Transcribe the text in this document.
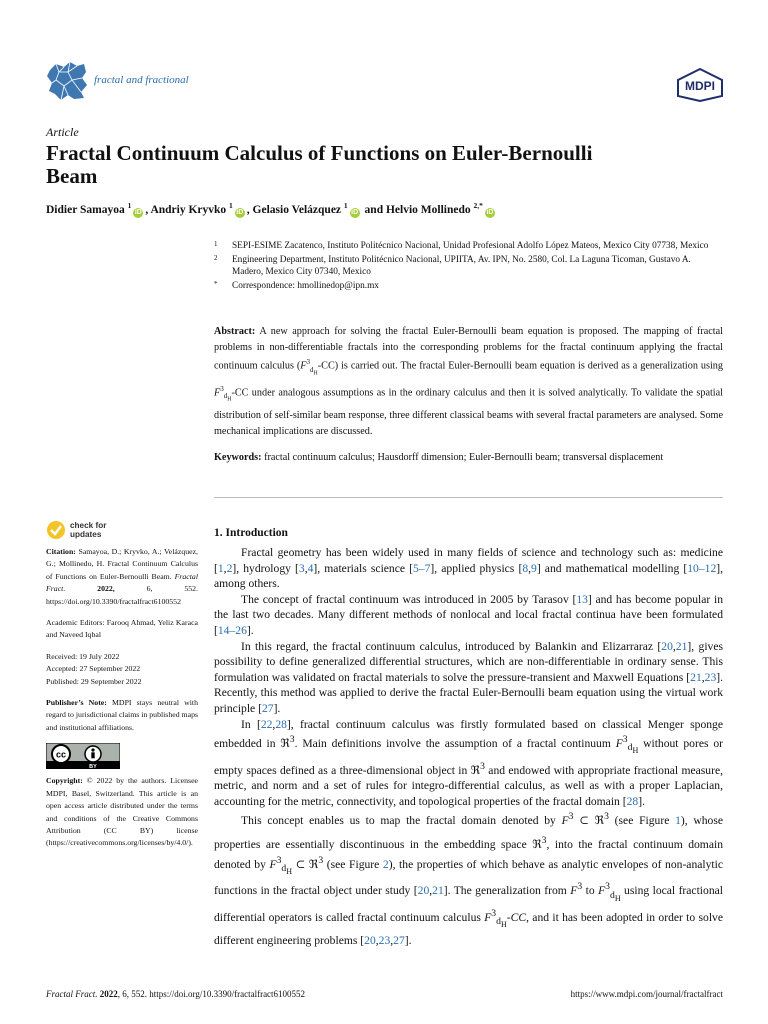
fractal and fractional	MDPI
Article
Fractal Continuum Calculus of Functions on Euler-Bernoulli Beam
Didier Samayoa $^1$iD , Andriy Kryvko $^1$iD , Gelasio Velázquez $^1$iD and Helvio Mollinedo $^{2,*}$iD
1 SEPI-ESIME Zacatenco, Instituto Politécnico Nacional, Unidad Profesional Adolfo López Mateos, Mexico City 07738, Mexico
2 Engineering Department, Instituto Politécnico Nacional, UPIITA, Av. IPN, No. 2580, Col. La Laguna Ticoman, Gustavo A. Madero, Mexico City 07340, Mexico
* Correspondence: hmollinedop@ipn.mx
Abstract: A new approach for solving the fractal Euler-Bernoulli beam equation is proposed. The mapping of fractal problems in non-differentiable fractals into the corresponding problems for the fractal continuum applying the fractal continuum calculus $(F^3_{d_H}-CC)$ is carried out. The fractal Euler-Bernoulli beam equation is derived as a generalization using $F^3_{d_H}-CC$ under analogous assumptions as in the ordinary calculus and then it is solved analytically. To validate the spatial distribution of self-similar beam response, three different classical beams with several fractal parameters are analysed. Some mechanical implications are discussed.
Keywords: fractal continuum calculus; Hausdorff dimension; Euler-Bernoulli beam; transversal displacement
check for
updates
Citation: Samayoa, D.; Kryvko, A.; Velázquez, G.; Mollinedo, H. Fractal Continuum Calculus of Functions on Euler-Bernoulli Beam. Fractal Fract.	2022,	6, 552. https://doi.org/10.3390/fractalfract6100552
Academic Editors: Farooq Ahmad, Yeliz Karaca and Naveed Iqbal
Received: 19 July 2022
Accepted: 27 September 2022
Published: 29 September 2022
Publisher’s Note: MDPI stays neutral with regard to jurisdictional claims in published maps and institutional affiliations.
cc
BY
Copyright: © 2022 by the authors. Licensee MDPI, Basel, Switzerland. This article is an open access article distributed under the terms and conditions of the Creative Commons Attribution (CC BY) license (https://creativecommons.org/licenses/by/4.0/).
1. Introduction

Fractal geometry has been widely used in many fields of science and technology such as: medicine [1,2], hydrology [3,4], materials science [5–7], applied physics [8,9] and mathematical modelling [10–12], among others.

The concept of fractal continuum was introduced in 2005 by Tarasov [13] and has become popular in the last two decades. Many different methods of nonlocal and local fractal continua have been formulated [14–26].

In this regard, the fractal continuum calculus, introduced by Balankin and Elizarraraz [20,21], gives possibility to define generalized differential structures, which are non-differentiable in ordinary sense. This formulation was validated on fractal materials to solve the pressure-transient and Maxwell Equations [21,23]. Recently, this method was applied to derive the fractal Euler-Bernoulli beam equation using the virtual work principle [27].

In [22,28], fractal continuum calculus was firstly formulated based on classical Menger sponge embedded in ℜ$^3$. Main definitions involve the assumption of a fractal continuum $F^3_{d_H}$ without pores or empty spaces defined as a three-dimensional object in ℜ$^3$ and endowed with appropriate fractional measure, metric, and norm and a set of rules for integro-differential calculus, as well as with a proper Laplacian, accounting for the metric, connectivity, and topological properties of the fractal domain [28].

This concept enables us to map the fractal domain denoted by $F^3$ ⊂ ℜ$^3$ (see Figure 1), whose properties are essentially discontinuous in the embedding space ℜ$^3$, into the fractal continuum domain denoted by $F^3_{d_H}$ ⊂ ℜ$^3$ (see Figure 2), the properties of which behave as analytic envelopes of non-analytic functions in the fractal object under study [20,21]. The generalization from $F^3$ to $F^3_{d_H}$ using local fractional differential operators is called fractal continuum calculus $F^3_{d_H}-CC$, and it has been adopted in order to solve different engineering problems [20,23,27].

Fractal Fract. 2022, 6, 552. https://doi.org/10.3390/fractalfract6100552	https://www.mdpi.com/journal/fractalfract
